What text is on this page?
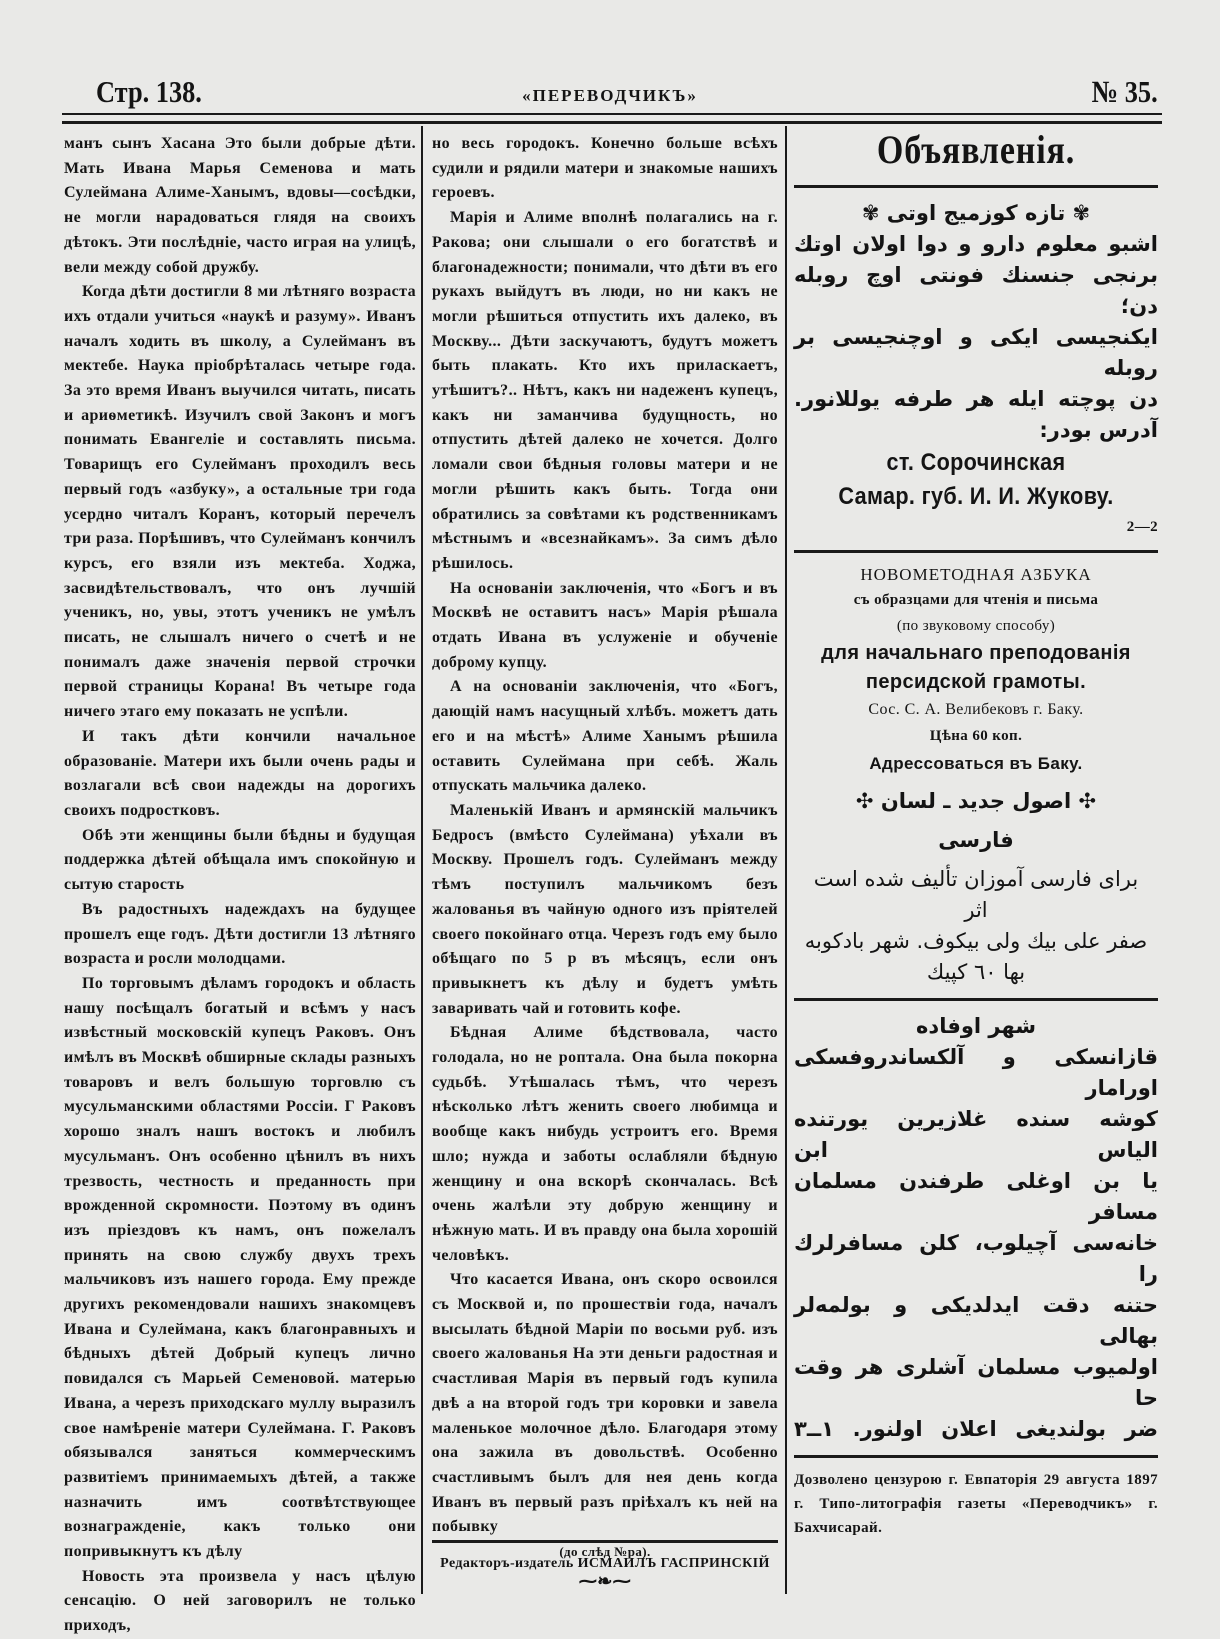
Стр. 138.	«ПЕРЕВОДЧИКЪ»	№ 35.

манъ сынъ Хасана Это были добрые дѣти. Мать Ивана Марья Семенова и мать Сулеймана Алиме-Ханымъ, вдовы—сосѣдки, не могли нарадоваться глядя на своихъ дѣтокъ. Эти послѣдніе, часто играя на улицѣ, вели между собой дружбу.

Когда дѣти достигли 8 ми лѣтняго возраста ихъ отдали учиться «наукѣ и разуму». Иванъ началъ ходить въ школу, а Сулейманъ въ мектебе. Наука пріобрѣталась четыре года. За это время Иванъ выучился читать, писать и ариѳметикѣ. Изучилъ свой Законъ и могъ понимать Евангеліе и составлять письма. Товарищъ его Сулейманъ проходилъ весь первый годъ «азбуку», а остальные три года усердно читалъ Коранъ, который перечелъ три раза. Порѣшивъ, что Сулейманъ кончилъ курсъ, его взяли изъ мектеба. Ходжа, засвидѣтельствовалъ, что онъ лучшій ученикъ, но, увы, этотъ ученикъ не умѣлъ писать, не слышалъ ничего о счетѣ и не понималъ даже значенія первой строчки первой страницы Корана! Въ четыре года ничего этаго ему показать не успѣли.

И такъ дѣти кончили начальное образованіе. Матери ихъ были очень рады и возлагали всѣ свои надежды на дорогихъ своихъ подростковъ.

Обѣ эти женщины были бѣдны и будущая поддержка дѣтей обѣщала имъ спокойную и сытую старость

Въ радостныхъ надеждахъ на будущее прошелъ еще годъ. Дѣти достигли 13 лѣтняго возраста и росли молодцами.

По торговымъ дѣламъ городокъ и область нашу посѣщалъ богатый и всѣмъ у насъ извѣстный московскій купецъ Раковъ. Онъ имѣлъ въ Москвѣ обширные склады разныхъ товаровъ и велъ большую торговлю съ мусульманскими областями Россіи. Г Раковъ хорошо зналъ нашъ востокъ и любилъ мусульманъ. Онъ особенно цѣнилъ въ нихъ трезвость, честность и преданность при врожденной скромности. Поэтому въ одинъ изъ пріездовъ къ намъ, онъ пожелалъ принять на свою службу двухъ трехъ мальчиковъ изъ нашего города. Ему прежде другихъ рекомендовали нашихъ знакомцевъ Ивана и Сулеймана, какъ благонравныхъ и бѣдныхъ дѣтей Добрый купецъ лично повидался съ Марьей Семеновой. матерью Ивана, а черезъ приходскаго муллу выразилъ свое намѣреніе матери Сулеймана. Г. Раковъ обязывался заняться коммерческимъ развитіемъ принимаемыхъ дѣтей, а также назначить имъ соотвѣтствующее вознагражденіе, какъ только они попривыкнутъ къ дѣлу

Новость эта произвела у насъ цѣлую сенсацію. О ней заговорилъ не только приходъ,

но весь городокъ. Конечно больше всѣхъ судили и рядили матери и знакомые нашихъ героевъ.

Марія и Алиме вполнѣ полагались на г. Ракова; они слышали о его богатствѣ и благонадежности; понимали, что дѣти въ его рукахъ выйдутъ въ люди, но ни какъ не могли рѣшиться отпустить ихъ далеко, въ Москву... Дѣти заскучаютъ, будутъ можетъ быть плакать. Кто ихъ приласкаетъ, утѣшитъ?.. Нѣтъ, какъ ни надеженъ купецъ, какъ ни заманчива будущность, но отпустить дѣтей далеко не хочется. Долго ломали свои бѣдныя головы матери и не могли рѣшить какъ быть. Тогда они обратились за совѣтами къ родственникамъ мѣстнымъ и «всезнайкамъ». За симъ дѣло рѣшилось.

На основаніи заключенія, что «Богъ и въ Москвѣ не оставитъ насъ» Марія рѣшала отдать Ивана въ услуженіе и обученіе доброму купцу.

А на основаніи заключенія, что «Богъ, дающій намъ насущный хлѣбъ. можетъ дать его и на мѣстѣ» Алиме Ханымъ рѣшила оставить Сулеймана при себѣ. Жаль отпускать мальчика далеко.

Маленькій Иванъ и армянскій мальчикъ Бедросъ (вмѣсто Сулеймана) уѣхали въ Москву. Прошелъ годъ. Сулейманъ между тѣмъ поступилъ мальчикомъ безъ жалованья въ чайную одного изъ пріятелей своего покойнаго отца. Черезъ годъ ему было обѣщаго по 5 р въ мѣсяцъ, если онъ привыкнетъ къ дѣлу и будетъ умѣть заваривать чай и готовить кофе.

Бѣдная Алиме бѣдствовала, часто голодала, но не роптала. Она была покорна судьбѣ. Утѣшалась тѣмъ, что черезъ нѣсколько лѣтъ женить своего любимца и вообще какъ нибудь устроитъ его. Время шло; нужда и заботы ослабляли бѣдную женщину и она вскорѣ скончалась. Всѣ очень жалѣли эту добрую женщину и нѣжную мать. И въ правду она была хорошій человѣкъ.

Что касается Ивана, онъ скоро освоился съ Москвой и, по прошествіи года, началъ высылать бѣдной Маріи по восьми руб. изъ своего жалованья На эти деньги радостная и счастливая Марія въ первый годъ купила двѣ а на второй годъ три коровки и завела маленькое молочное дѣло. Благодаря этому она зажила въ довольствѣ. Особенно счастливымъ былъ для нея день когда Иванъ въ первый разъ пріѣхалъ къ ней на побывку

(до слѣд №ра).

⁓❧⁓
Редакторъ-издатель ИСМАИЛЪ ГАСПРИНСКІЙ
Объявленія.
✾ تازه كوزميج اوتی ✾
اشبو معلوم دارو و دوا اولان اوتك
برنجی جنسنك فونتی اوچ روبله دن؛
ایكنجیسی ایكی و اوچنجیسی بر روبله
دن پوچته ایله هر طرفه یوللانور.
آدرس بودر:
ст. Сорочинская
Самар. губ. И. И. Жукову.
2—2
НОВОМЕТОДНАЯ АЗБУКА
съ образцами для чтенія и письма
(по звуковому способу)
для начальнаго преподованія персидской грамоты.
Сос. С. А. Велибековъ г. Баку.
Цѣна 60 коп.
Адрессоваться въ Баку.
✣ اصول جدید ـ لسان ✣
فارسی
برای فارسی آموزان تألیف شده است
اثر
صفر علی بیك ولی بیكوف. شهر بادكوبه
بها ٦٠ كپیك
شهر اوفاده
قازانسكی و آلكساندروفسكی اورامار
كوشه سنده غلازیرین یورتنده الیاس ابن
یا بن اوغلی طرفندن مسلمان مسافر
خانه‌سی آچیلوب، كلن مسافرلرك را
حتنه دقت ایدلدیكی و بولمه‌لر بهالی
اولمیوب مسلمان آشلری هر وقت حا
ضر بولندیغی اعلان اولنور. ١ــ٣
Дозволено цензурою г. Евпаторія 29 августа 1897 г. Типо-литографія газеты «Переводчикъ» г. Бахчисарай.
